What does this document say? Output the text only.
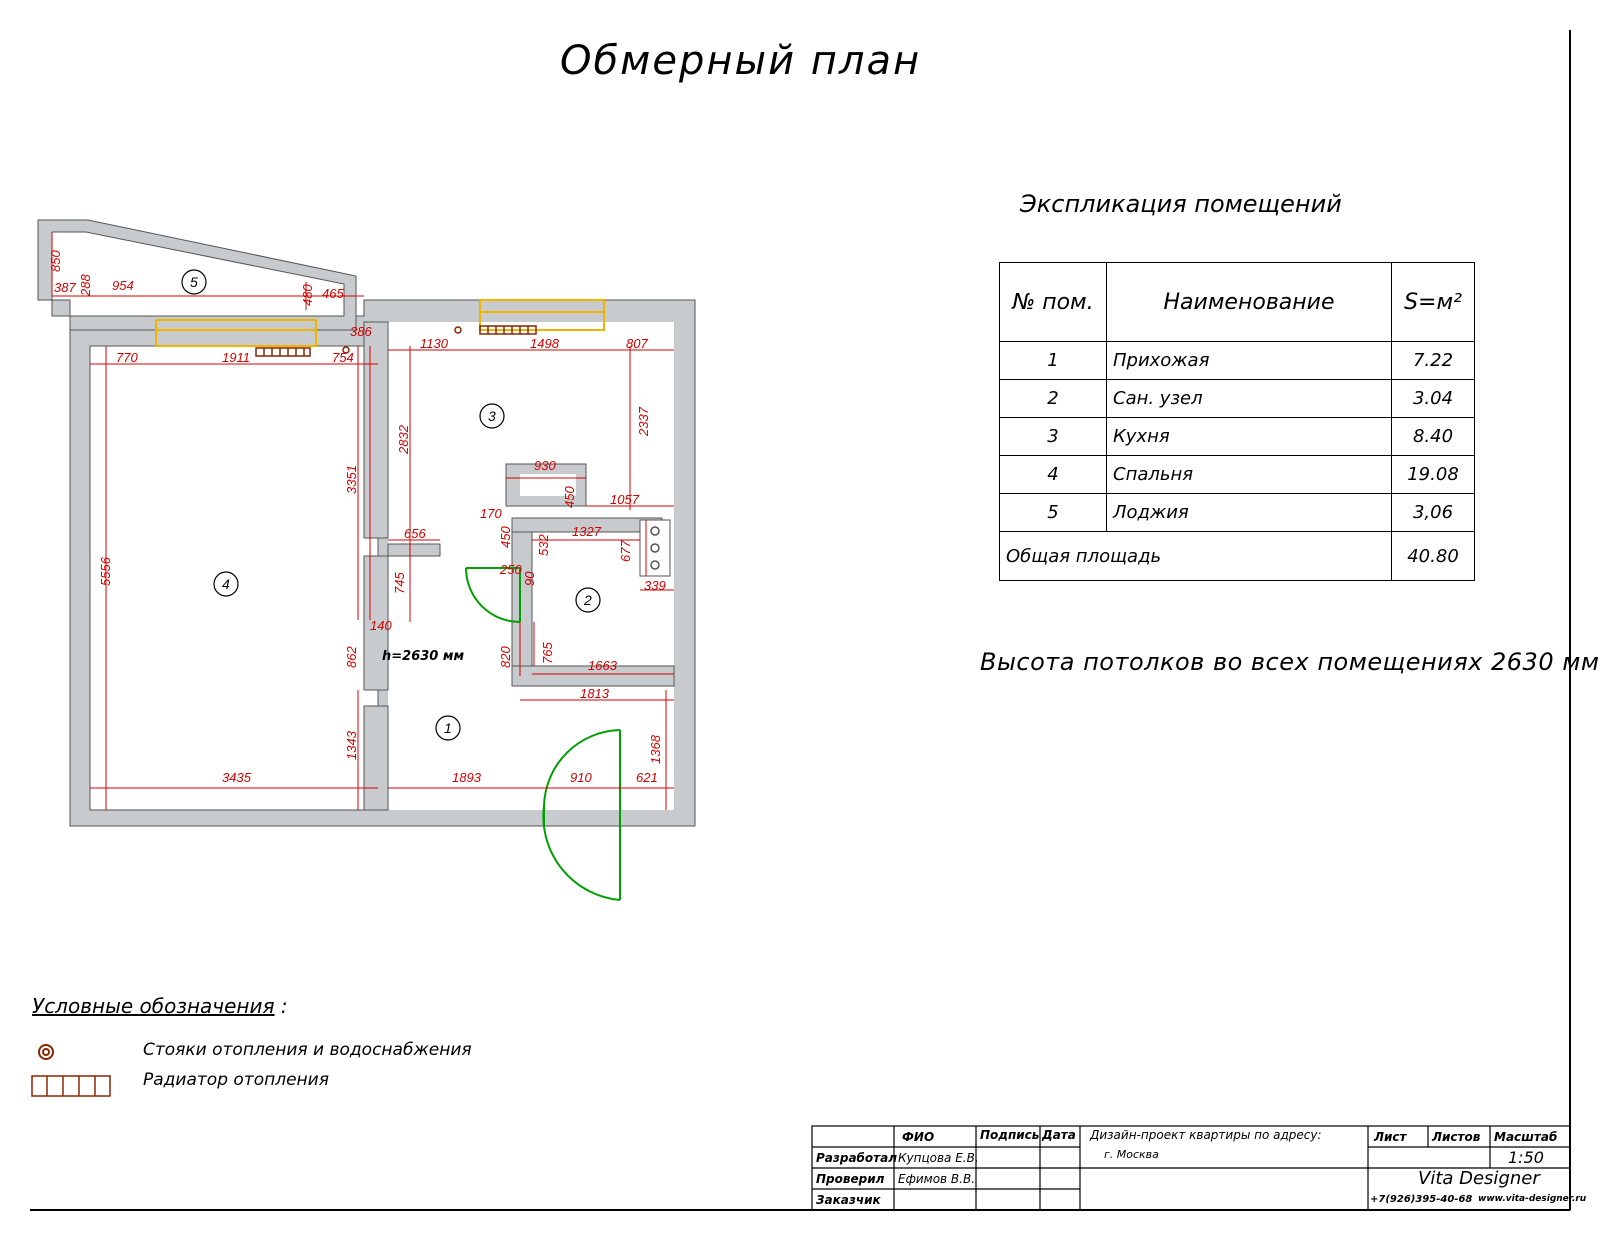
Обмерный план
850
387 288 954	480 465
386
770	1911	754
1130	1498	807
2832
2337
3351
5556
930
450	1057
170
450 532
1327
677
656
250
90	339
745
140
862	820 765
1663
1813
1343	1368
3435	1893	910	621
h=2630 мм
1
2
3
4
5
Экспликация помещений
№ пом.	Наименование	S=м²
1	Прихожая	7.22
2	Сан. узел	3.04
3	Кухня	8.40
4	Спальня	19.08
5	Лоджия	3,06
Общая площадь		40.80
Высота потолков во всех помещениях 2630 мм
Условные обозначения :
Стояки отопления и водоснабжения
Радиатор отопления
ФИО	Подпись Дата
Разработал Купцова Е.В.
Проверил Ефимов В.В.
Заказчик
Дизайн-проект квартиры по адресу:
г. Москва
Лист Листов Масштаб
1:50
Vita Designer
+7(926)395-40-68 www.vita-designer.ru
